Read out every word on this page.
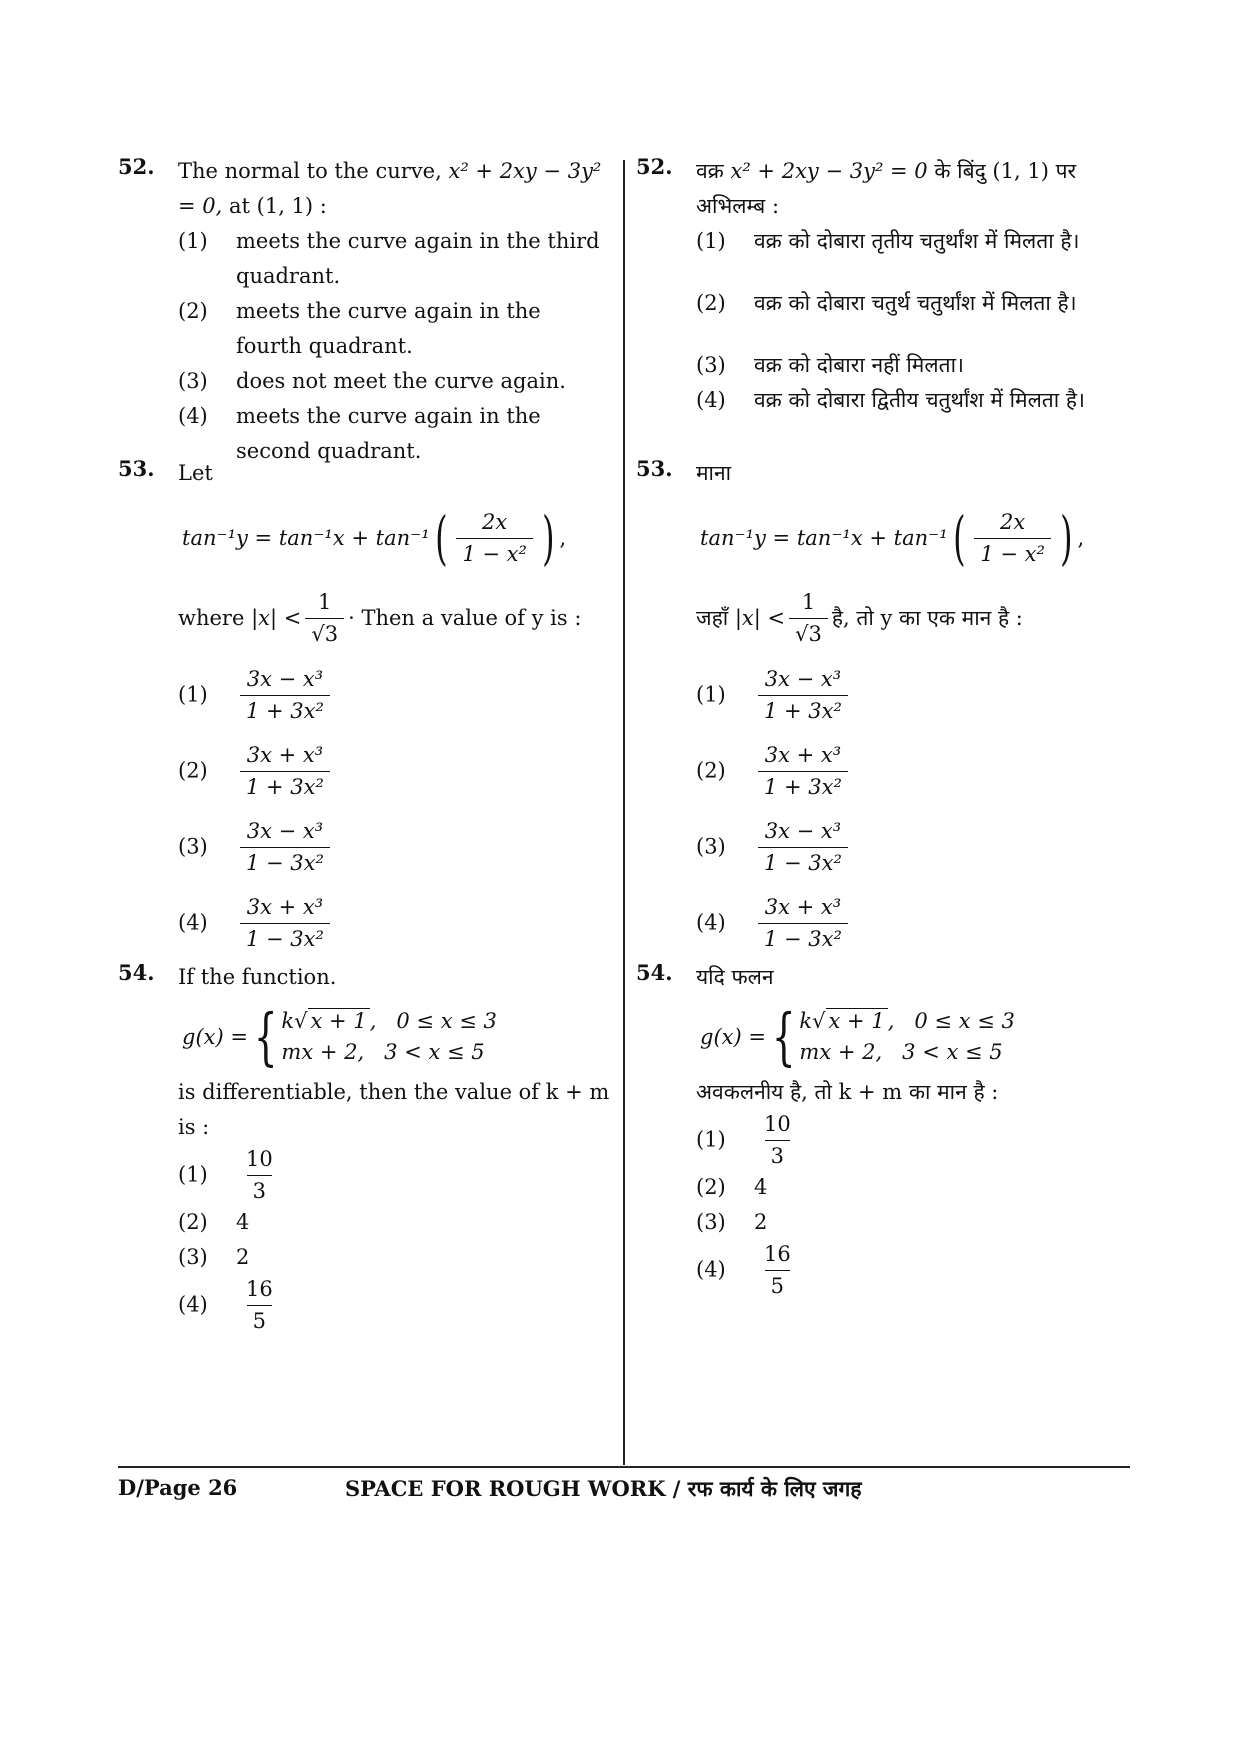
52. The normal to the curve, x² + 2xy − 3y² = 0, at (1, 1) :
(1) meets the curve again in the third quadrant.
(2) meets the curve again in the fourth quadrant.
(3) does not meet the curve again.
(4) meets the curve again in the second quadrant.
53. Let
tan⁻¹y
=
tan⁻¹x
+
tan⁻¹ ( $\frac{2x}{\text{1 − x²}}$ ) ,
where
$|x| < \frac{1}{√3}$ · Then a value of y is :
$(1) \frac{\text{3x − x³}}{\text{1 + 3x²}}$
$(2) \frac{\text{3x + x³}}{\text{1 + 3x²}}$
$(3) \frac{\text{3x − x³}}{\text{1 − 3x²}}$
$(4) \frac{\text{3x + x³}}{\text{1 − 3x²}}$
54. If the function.
g(x) = { k√ x + 1 ,   0 ≤ x ≤ 3
mx + 2,   3 < x ≤ 5
is differentiable, then the value of k + m is :
$(1) \frac{10}{3}$
(2) 4
(3) 2
$(4) \frac{16}{5}$
52. वक्र x² + 2xy − 3y² = 0 के बिंदु (1, 1) पर अभिलम्ब :
(1) वक्र को दोबारा तृतीय चतुर्थांश में मिलता है।
(2) वक्र को दोबारा चतुर्थ चतुर्थांश में मिलता है।
(3) वक्र को दोबारा नहीं मिलता।
(4) वक्र को दोबारा द्वितीय चतुर्थांश में मिलता है।
53. माना
tan⁻¹y
=
tan⁻¹x
+
tan⁻¹ ( $\frac{2x}{\text{1 − x²}}$ ) ,
जहाँ
$|x| < \frac{1}{√3}$ है, तो y का एक मान है :
$(1) \frac{\text{3x − x³}}{\text{1 + 3x²}}$
$(2) \frac{\text{3x + x³}}{\text{1 + 3x²}}$
$(3) \frac{\text{3x − x³}}{\text{1 − 3x²}}$
$(4) \frac{\text{3x + x³}}{\text{1 − 3x²}}$
54. यदि फलन
g(x) = { k√ x + 1 ,   0 ≤ x ≤ 3
mx + 2,   3 < x ≤ 5
अवकलनीय है, तो k + m का मान है :
$(1) \frac{10}{3}$
(2) 4
(3) 2
$(4) \frac{16}{5}$
D/Page 26	SPACE FOR ROUGH WORK / रफ कार्य के लिए जगह
